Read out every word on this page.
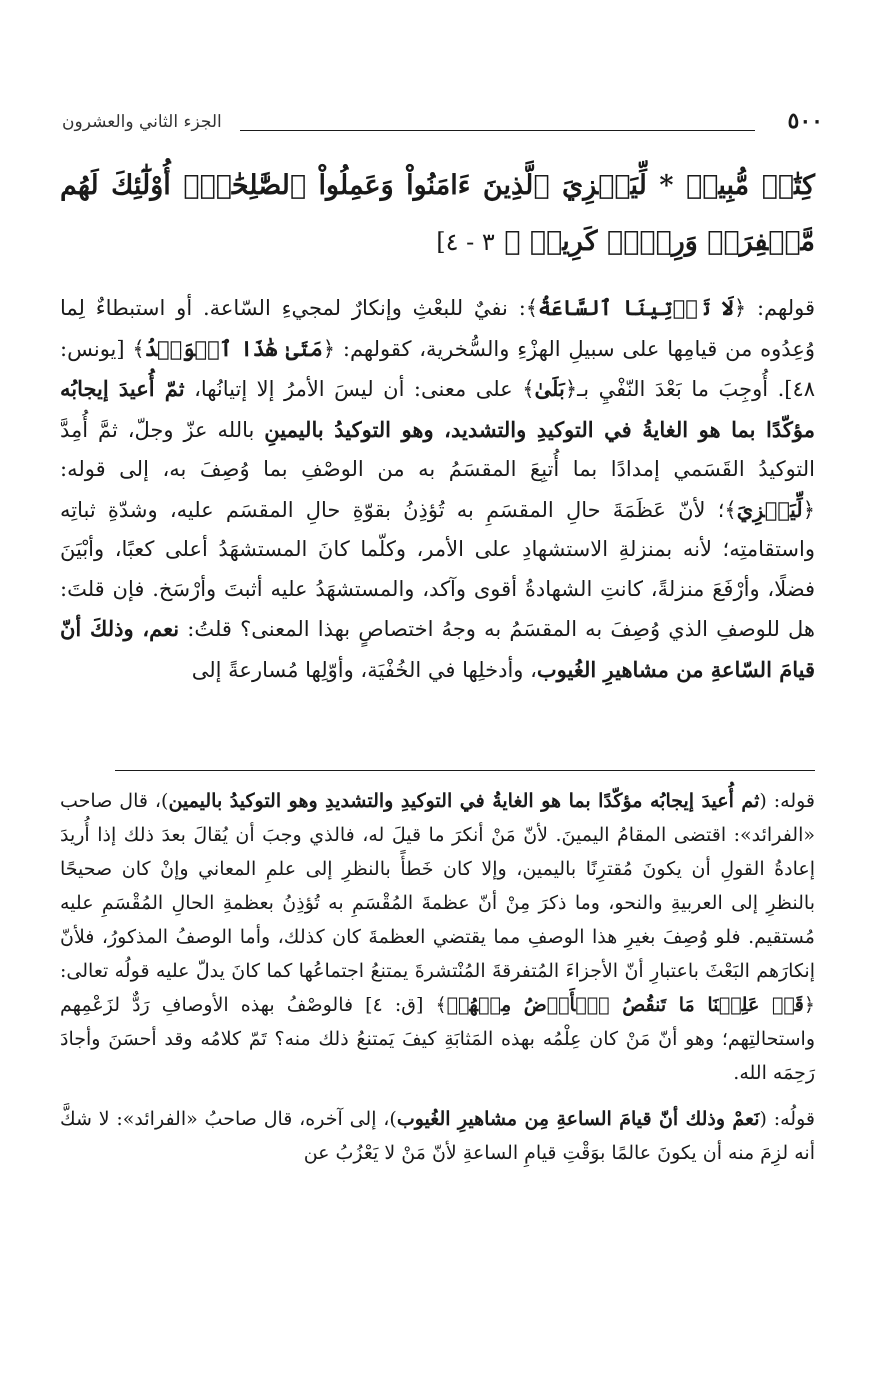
٥٠٠
الجزء الثاني والعشرون

كِتَٰبٖ مُّبِينٖ * لِّيَجۡزِيَ ٱلَّذِينَ ءَامَنُواْ وَعَمِلُواْ ٱلصَّٰلِحَٰتِۚ أُوْلَٰٓئِكَ لَهُم مَّغۡفِرَةٞ وَرِزۡقٞ كَرِيمٞ ﴾ ٣ - ٤]

قولهم: ﴿لَا تَأۡتِينَا ٱلسَّاعَةُ﴾: نفيٌ للبعْثِ وإنكارٌ لمجيءِ السّاعة. أو استبطاءٌ لِما وُعِدُوه من قيامِها على سبيلِ الهزْءِ والسُّخرية، كقولهم: ﴿مَتَىٰ هَٰذَا ٱلۡوَعۡدُ﴾ [يونس: ٤٨]. أُوجِبَ ما بَعْدَ النّفْيِ بـ﴿بَلَىٰ﴾ على معنى: أن ليسَ الأمرُ إلا إتيانُها، ثمّ أُعيدَ إيجابُه مؤكّدًا بما هو الغايةُ في التوكيدِ والتشديد، وهو التوكيدُ باليمينِ بالله عزّ وجلّ، ثمَّ أُمِدَّ التوكيدُ القَسَمي إمدادًا بما أُتبِعَ المقسَمُ به من الوصْفِ بما وُصِفَ به، إلى قوله: ﴿لِّيَجۡزِيَ﴾؛ لأنّ عَظَمَةَ حالِ المقسَمِ به تُؤذِنُ بقوّةِ حالِ المقسَم عليه، وشدّةِ ثباتِه واستقامتِه؛ لأنه بمنزلةِ الاستشهادِ على الأمر، وكلّما كانَ المستشهَدُ أعلى كعبًا، وأبْيَنَ فضلًا، وأرْفَعَ منزلةً، كانتِ الشهادةُ أقوى وآكد، والمستشهَدُ عليه أثبتَ وأرْسَخ. فإن قلتَ: هل للوصفِ الذي وُصِفَ به المقسَمُ به وجهُ اختصاصٍ بهذا المعنى؟ قلتُ: نعم، وذلكَ أنّ قيامَ السّاعةِ من مشاهيرِ الغُيوب، وأدخلِها في الخُفْيَة، وأوّلِها مُسارعةً إلى

قوله: (ثم أُعيدَ إيجابُه مؤكّدًا بما هو الغايةُ في التوكيدِ والتشديدِ وهو التوكيدُ باليمين)، قال صاحب «الفرائد»: اقتضى المقامُ اليمينَ. لأنّ مَنْ أنكرَ ما قيلَ له، فالذي وجبَ أن يُقالَ بعدَ ذلك إذا أُريدَ إعادةُ القولِ أن يكونَ مُقترِنًا باليمين، وإلا كان خَطأً بالنظرِ إلى علمِ المعاني وإنْ كان صحيحًا بالنظرِ إلى العربيةِ والنحو، وما ذكرَ مِنْ أنّ عظمةَ المُقْسَمِ به تُؤذِنُ بعظمةِ الحالِ المُقْسَمِ عليه مُستقيم. فلو وُصِفَ بغيرِ هذا الوصفِ مما يقتضي العظمةَ كان كذلك، وأما الوصفُ المذكورُ، فلأنّ إنكارَهم البَعْثَ باعتبارِ أنّ الأجزاءَ المُتفرقةَ المُنْتشرةَ يمتنعُ اجتماعُها كما كانَ يدلّ عليه قولُه تعالى: ﴿قَدۡ عَلِمۡنَا مَا تَنقُصُ ٱلۡأَرۡضُ مِنۡهُمۡ﴾ [ق: ٤] فالوصْفُ بهذه الأوصافِ رَدٌّ لزَعْمِهم واستحالتِهم؛ وهو أنّ مَنْ كان عِلْمُه بهذه المَثابَةِ كيفَ يَمتنعُ ذلك منه؟ تَمّ كلامُه وقد أحسَنَ وأجادَ رَحِمَه الله.

قولُه: (نَعمْ وذلك أنّ قيامَ الساعةِ مِن مشاهيرِ الغُيوب)، إلى آخره، قال صاحبُ «الفرائد»: لا شكَّ أنه لزِمَ منه أن يكونَ عالمًا بوَقْتِ قيامِ الساعةِ لأنّ مَنْ لا يَعْزُبُ عن
